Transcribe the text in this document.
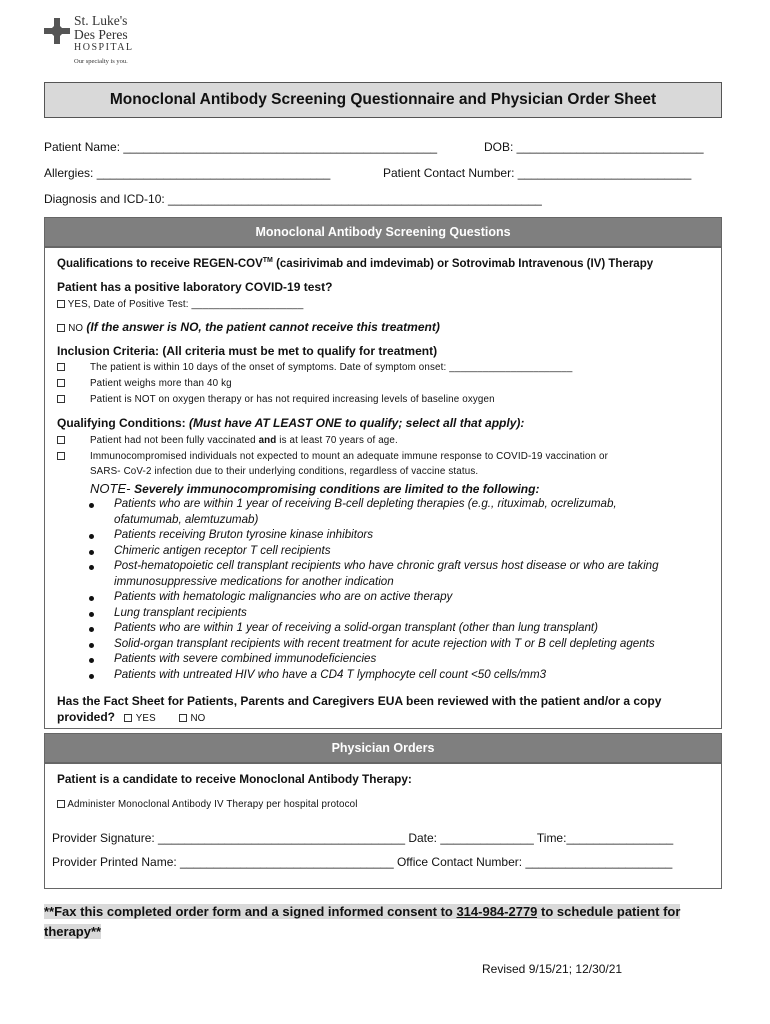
St. Luke's
Des Peres
HOSPITAL
Our specialty is you.
Monoclonal Antibody Screening Questionnaire and Physician Order Sheet
Patient Name: _______________________________________________	DOB: ____________________________
Allergies: ___________________________________	Patient Contact Number: __________________________
Diagnosis and ICD-10: ________________________________________________________
Monoclonal Antibody Screening Questions
Qualifications to receive REGEN-COV™ (casirivimab and imdevimab) or Sotrovimab Intravenous (IV) Therapy
Patient has a positive laboratory COVID-19 test?
YES, Date of Positive Test: ____________________
NO (If the answer is NO, the patient cannot receive this treatment)
Inclusion Criteria: (All criteria must be met to qualify for treatment)
The patient is within 10 days of the onset of symptoms. Date of symptom onset: ______________________
Patient weighs more than 40 kg
Patient is NOT on oxygen therapy or has not required increasing levels of baseline oxygen
Qualifying Conditions: (Must have AT LEAST ONE to qualify; select all that apply):
Patient had not been fully vaccinated and is at least 70 years of age.
Immunocompromised individuals not expected to mount an adequate immune response to COVID-19 vaccination or
SARS- CoV-2 infection due to their underlying conditions, regardless of vaccine status.
NOTE- Severely immunocompromising conditions are limited to the following:
Patients who are within 1 year of receiving B-cell depleting therapies (e.g., rituximab, ocrelizumab,
ofatumumab, alemtuzumab)
Patients receiving Bruton tyrosine kinase inhibitors
Chimeric antigen receptor T cell recipients
Post-hematopoietic cell transplant recipients who have chronic graft versus host disease or who are taking
immunosuppressive medications for another indication
Patients with hematologic malignancies who are on active therapy
Lung transplant recipients
Patients who are within 1 year of receiving a solid-organ transplant (other than lung transplant)
Solid-organ transplant recipients with recent treatment for acute rejection with T or B cell depleting agents
Patients with severe combined immunodeficiencies
Patients with untreated HIV who have a CD4 T lymphocyte cell count <50 cells/mm3
Has the Fact Sheet for Patients, Parents and Caregivers EUA been reviewed with the patient and/or a copy
provided? YES	NO
Physician Orders
Patient is a candidate to receive Monoclonal Antibody Therapy:
Administer Monoclonal Antibody IV Therapy per hospital protocol
Provider Signature: _____________________________________ Date: ______________ Time:________________
Provider Printed Name: ________________________________ Office Contact Number: ______________________
**Fax this completed order form and a signed informed consent to 314-984-2779 to schedule patient for
therapy**
Revised 9/15/21; 12/30/21
